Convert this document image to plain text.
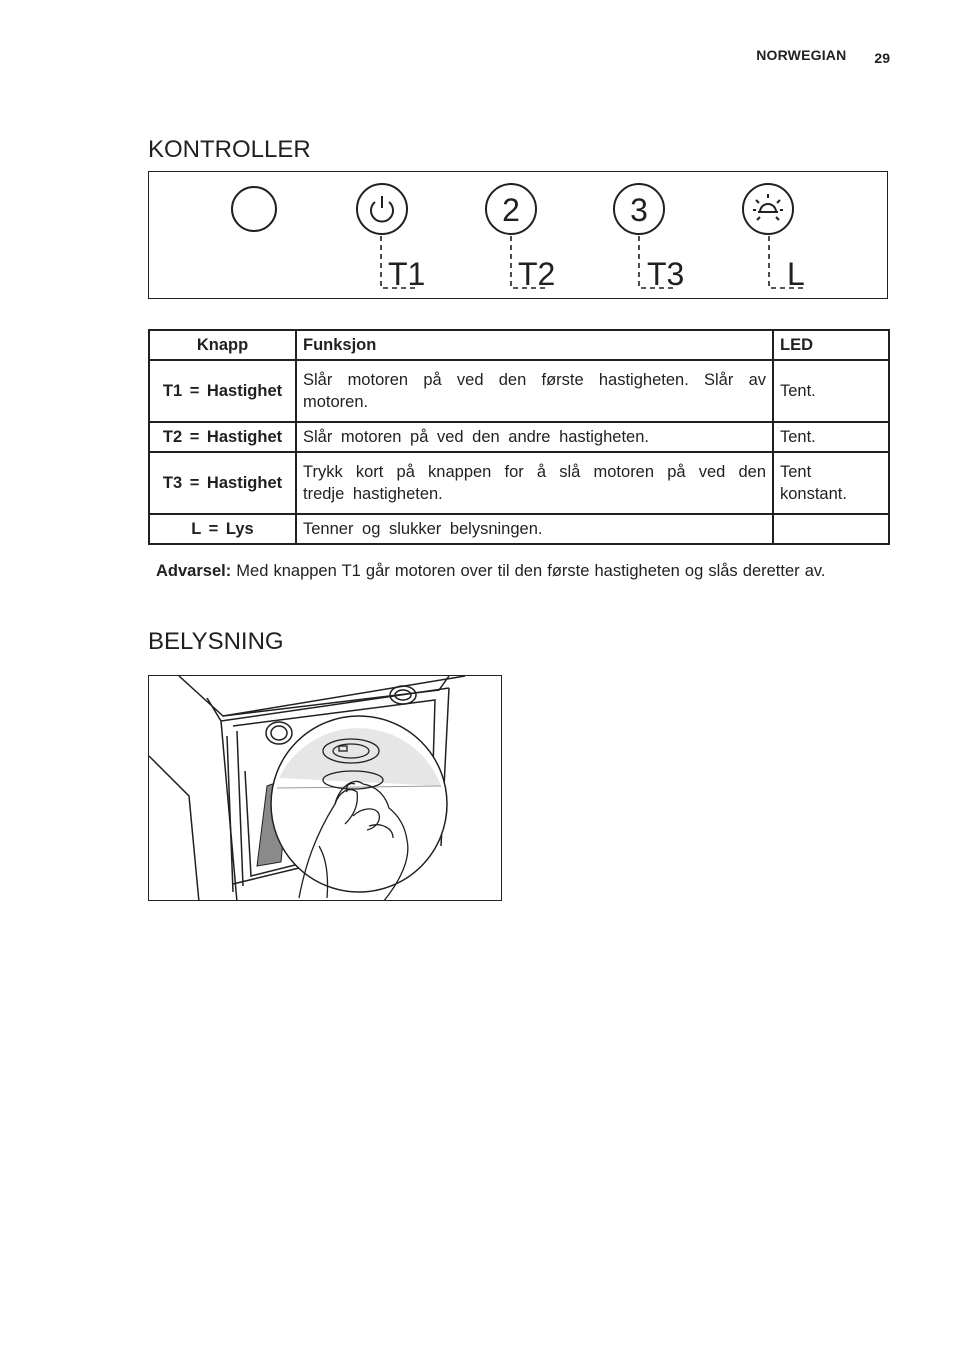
NORWEGIAN 29
KONTROLLER
2	3
T1	T2	T3	L
Knapp	Funksjon	LED
T1 = Hastighet	Slår motoren på ved den første hastigheten. Slår av motoren.	Tent.
T2 = Hastighet	Slår motoren på ved den andre hastigheten.	Tent.
T3 = Hastighet	Trykk kort på knappen for å slå motoren på ved den tredje hastigheten.	Tent konstant.
L = Lys	Tenner og slukker belysningen.	
Advarsel: Med knappen T1 går motoren over til den første hastigheten og slås deretter av.
BELYSNING
